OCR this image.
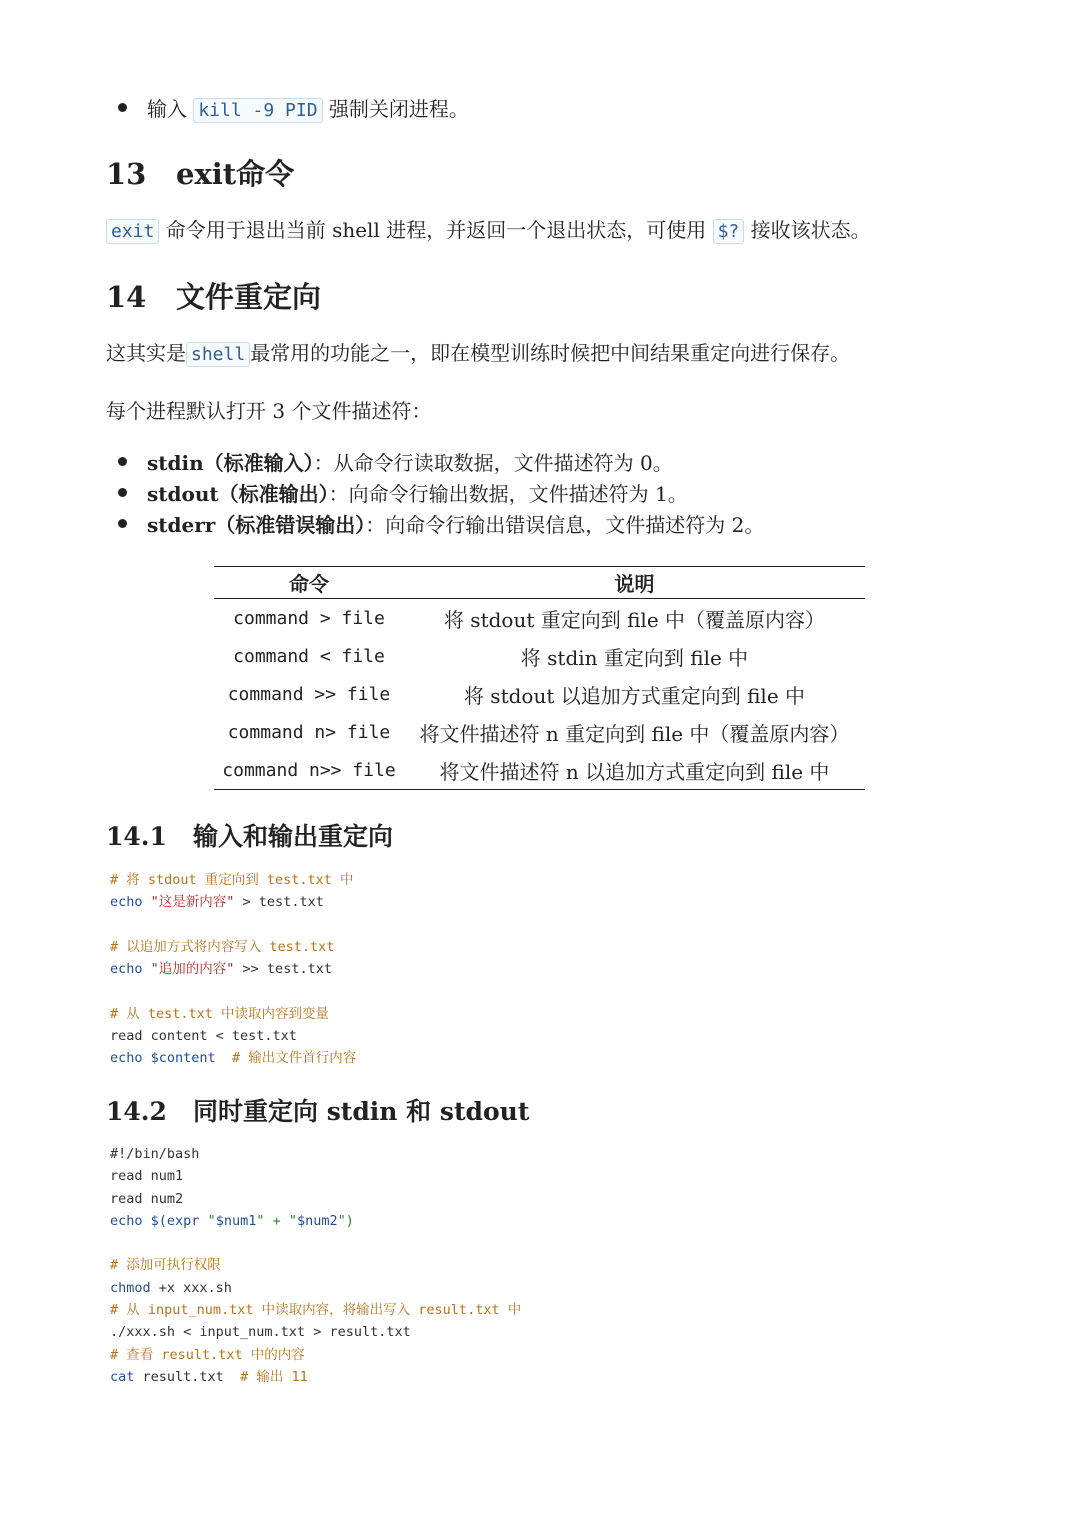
输入 kill -9 PID 强制关闭进程。
13 exit命令
exit 命令用于退出当前 shell 进程，并返回一个退出状态，可使用 $? 接收该状态。
14 文件重定向
这其实是 shell 最常用的功能之一，即在模型训练时候把中间结果重定向进行保存。
每个进程默认打开 3 个文件描述符：
stdin（标准输入）：从命令行读取数据，文件描述符为 0。
stdout（标准输出）：向命令行输出数据，文件描述符为 1。
stderr（标准错误输出）：向命令行输出错误信息，文件描述符为 2。
命令	说明
command > file	将 stdout 重定向到 file 中（覆盖原内容）
command < file	将 stdin 重定向到 file 中
command >> file	将 stdout 以追加方式重定向到 file 中
command n> file	将文件描述符 n 重定向到 file 中（覆盖原内容）
command n>> file	将文件描述符 n 以追加方式重定向到 file 中
14.1 输入和输出重定向
# 将 stdout 重定向到 test.txt 中
echo "这是新内容" > test.txt

# 以追加方式将内容写入 test.txt
echo "追加的内容" >> test.txt

# 从 test.txt 中读取内容到变量
read content < test.txt
echo $content # 输出文件首行内容
14.2 同时重定向 stdin 和 stdout
#!/bin/bash
read num1
read num2
echo $(expr "$num1" + "$num2")

# 添加可执行权限
chmod +x xxx.sh
# 从 input_num.txt 中读取内容，将输出写入 result.txt 中
./xxx.sh < input_num.txt > result.txt
# 查看 result.txt 中的内容
cat result.txt # 输出 11
